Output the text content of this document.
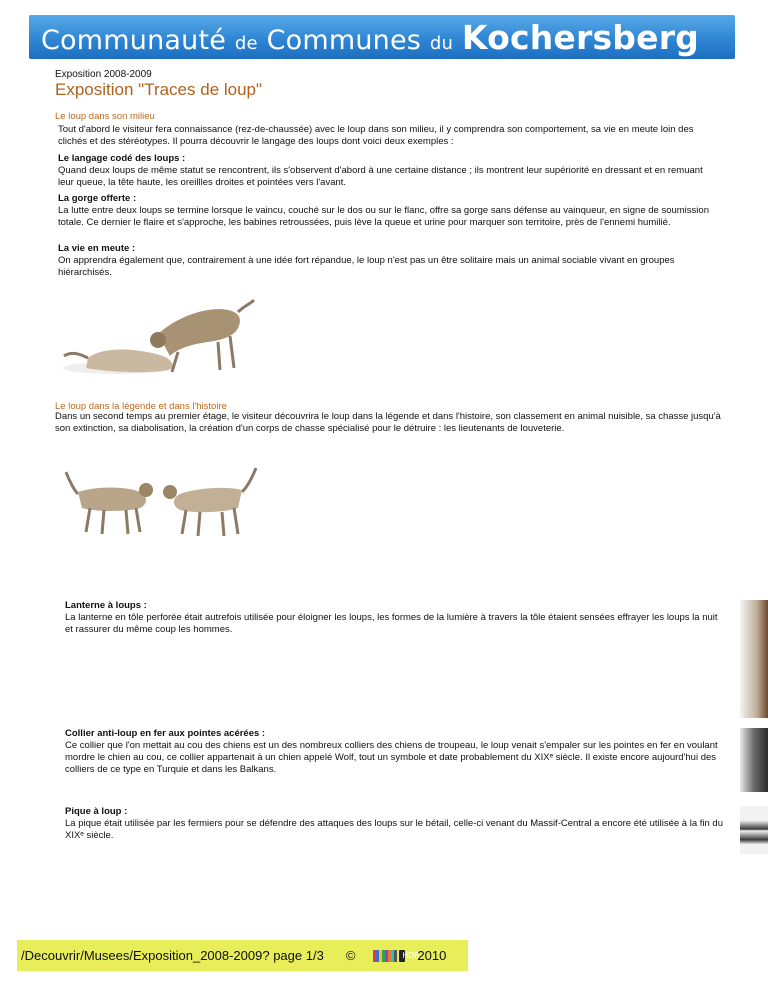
Communauté de Communes du Kochersberg
Exposition 2008-2009
Exposition "Traces de loup"
Le loup dans son milieu
Tout d'abord le visiteur fera connaissance (rez-de-chaussée) avec le loup dans son milieu, il y comprendra son comportement, sa vie en meute loin des clichés et des stéréotypes. Il pourra découvrir le langage des loups dont voici deux exemples :
Le langage codé des loups :
Quand deux loups de même statut se rencontrent, ils s'observent d'abord à une certaine distance ; ils montrent leur supériorité en dressant et en remuant leur queue, la tête haute, les oreillles droites et pointées vers l'avant.
La gorge offerte :
La lutte entre deux loups se termine lorsque le vaincu, couché sur le dos ou sur le flanc, offre sa gorge sans défense au vainqueur, en signe de soumission totale. Ce dernier le flaire et s'approche, les babines retroussées, puis lève la queue et urine pour marquer son territoire, près de l'ennemi humilié.
La vie en meute :
On apprendra également que, contrairement à une idée fort répandue, le loup n'est pas un être solitaire mais un animal sociable vivant en groupes hiérarchisés.
Le loup dans la légende et dans l'histoire
Dans un second temps au premier étage, le visiteur découvrira le loup dans la légende et dans l'histoire, son classement en animal nuisible, sa chasse jusqu'à son extinction, sa diabolisation, la création d'un corps de chasse spécialisé pour le détruire : les lieutenants de louveterie.
Lanterne à loups :
La lanterne en tôle perforée était autrefois utilisée pour éloigner les loups, les formes de la lumière à travers la tôle étaient sensées effrayer les loups la nuit et rassurer du même coup les hommes.
Collier anti-loup en fer aux pointes acérées :
Ce collier que l'on mettait au cou des chiens est un des nombreux colliers des chiens de troupeau, le loup venait s'empaler sur les pointes en fer en voulant mordre le chien au cou, ce collier appartenait à un chien appelé Wolf, tout un symbole et date probablement du XIXᵉ siècle. Il existe encore aujourd'hui des colliers de ce type en Turquie et dans les Balkans.
Pique à loup :
La pique était utilisée par les fermiers pour se défendre des attaques des loups sur le bétail, celle-ci venant du Massif-Central a encore été utilisée à la fin du XIXᵉ siècle.
/Decouvrir/Musees/Exposition_2008-2009? page 1/3 ©	HDB
2010
